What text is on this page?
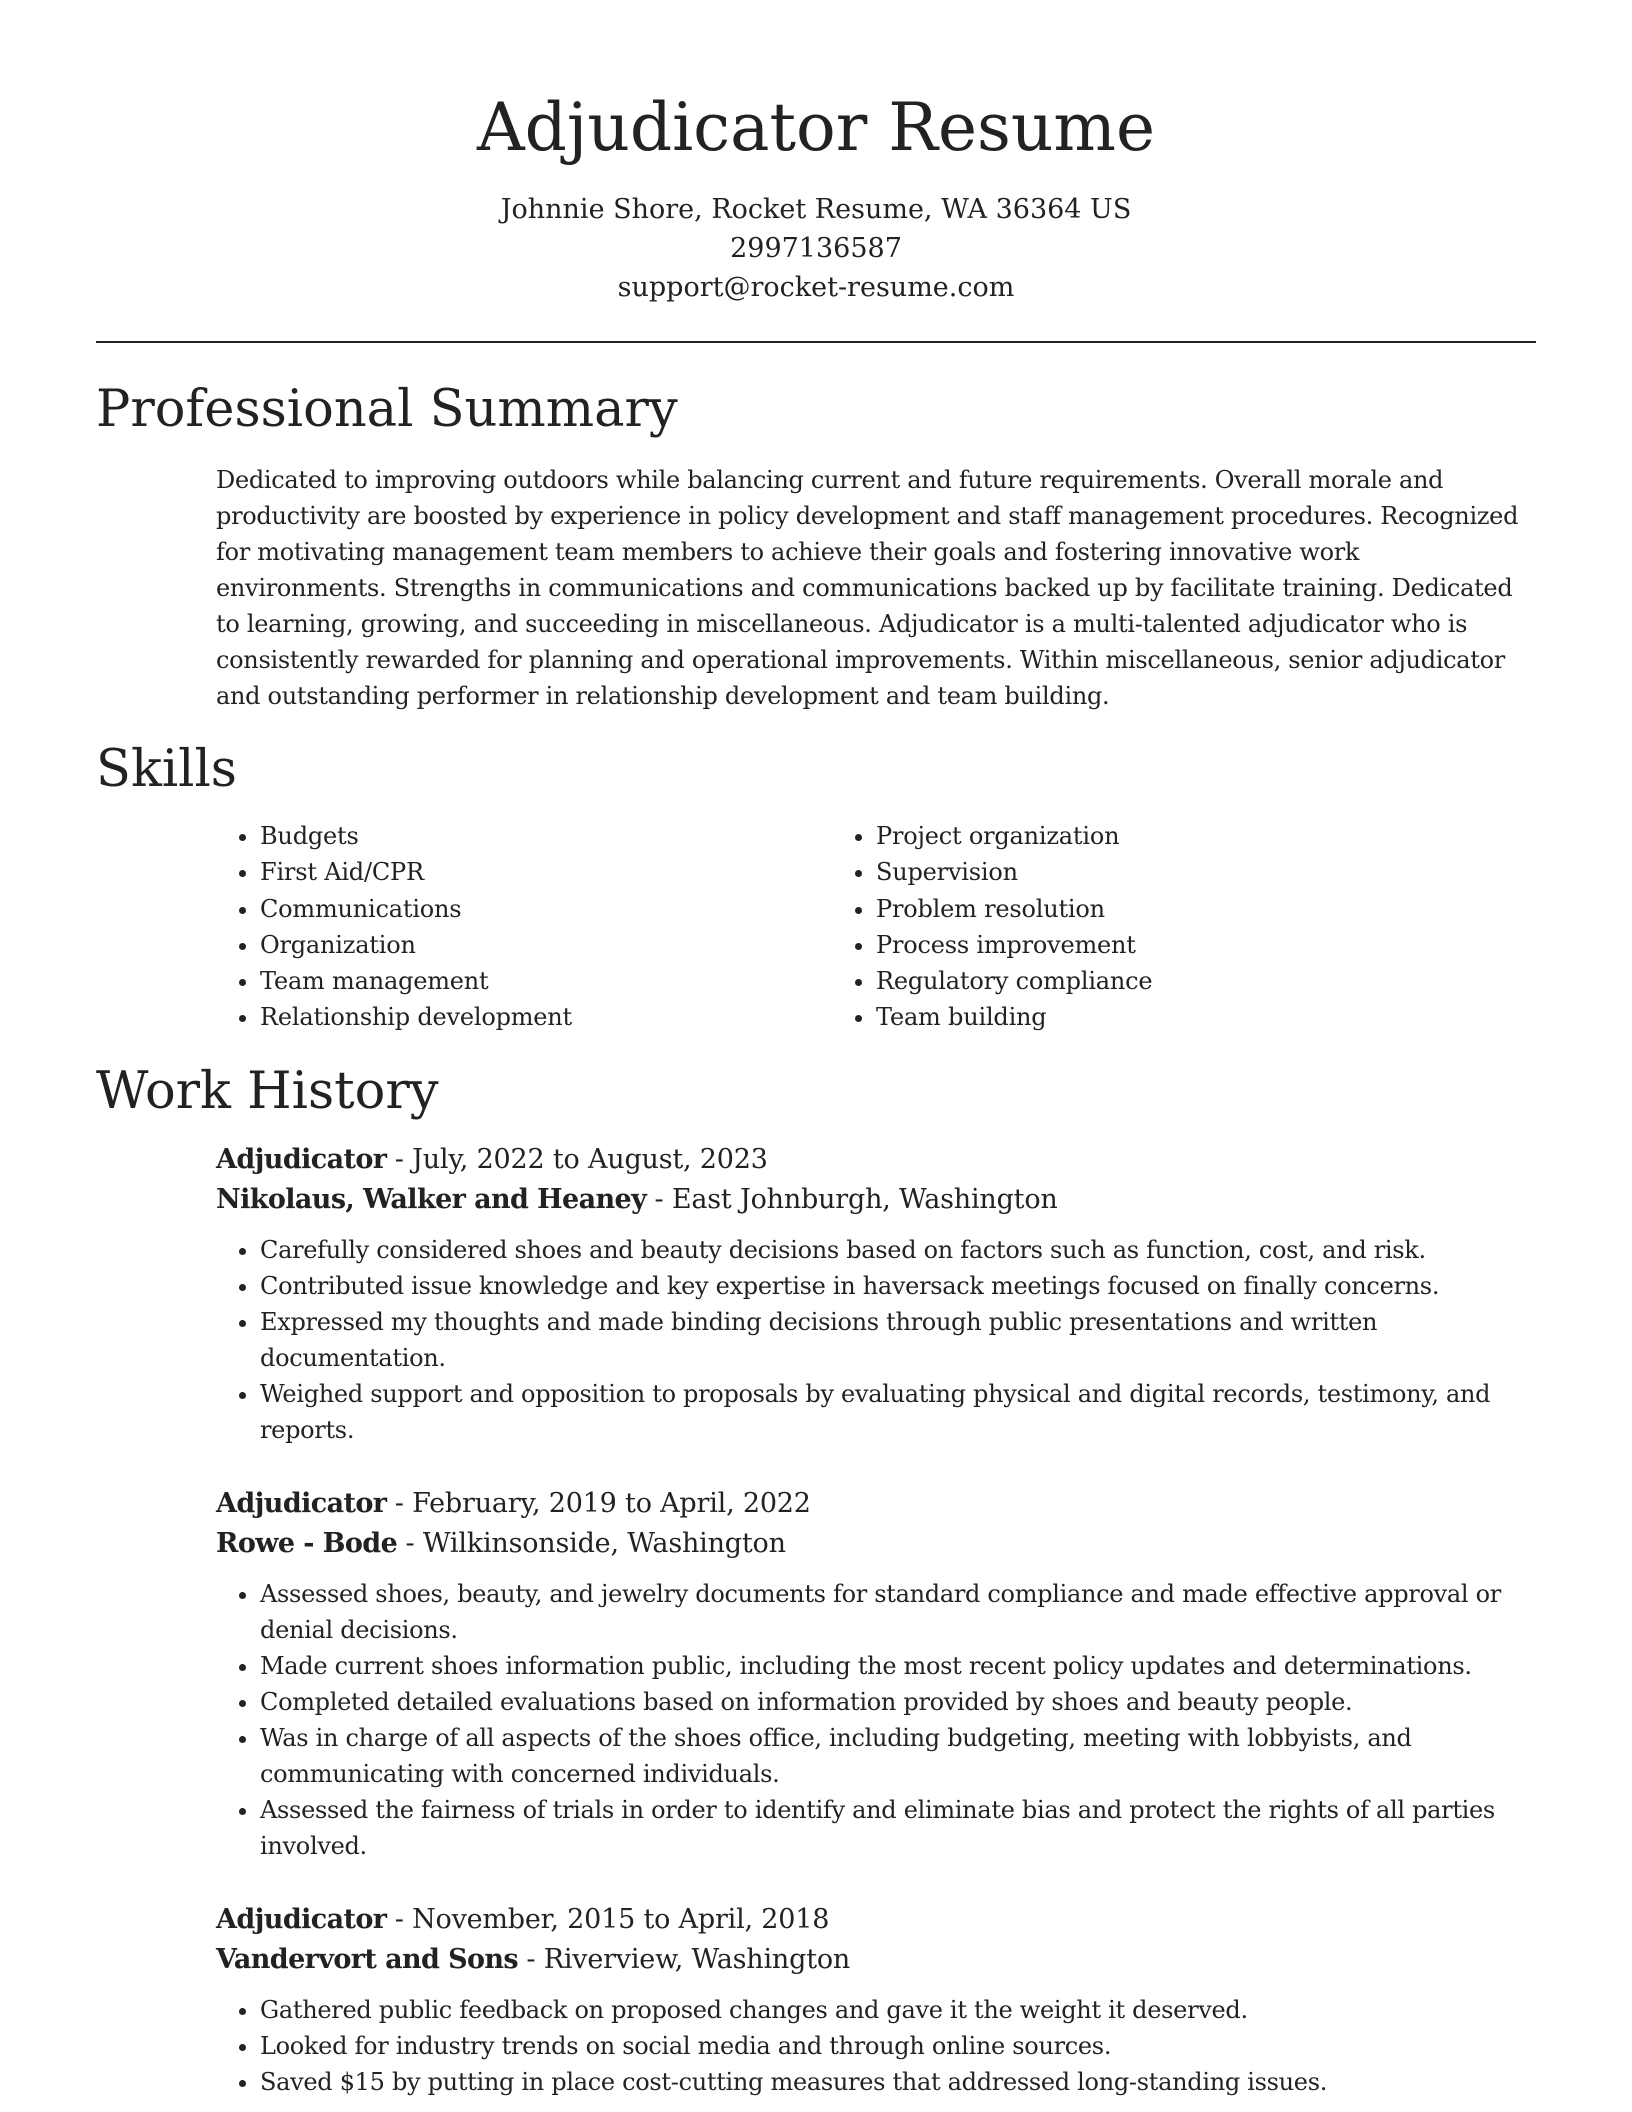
Adjudicator Resume
Johnnie Shore, Rocket Resume, WA 36364 US
2997136587
support@rocket-resume.com
Professional Summary

Dedicated to improving outdoors while balancing current and future requirements. Overall morale and productivity are boosted by experience in policy development and staff management procedures. Recognized for motivating management team members to achieve their goals and fostering innovative work environments. Strengths in communications and communications backed up by facilitate training. Dedicated to learning, growing, and succeeding in miscellaneous. Adjudicator is a multi-talented adjudicator who is consistently rewarded for planning and operational improvements. Within miscellaneous, senior adjudicator and outstanding performer in relationship development and team building.

Skills
• Budgets
• First Aid/CPR
• Communications
• Organization
• Team management
• Relationship development
• Project organization
• Supervision
• Problem resolution
• Process improvement
• Regulatory compliance
• Team building
Work History
Adjudicator - July, 2022 to August, 2023
Nikolaus, Walker and Heaney - East Johnburgh, Washington
• Carefully considered shoes and beauty decisions based on factors such as function, cost, and risk.
• Contributed issue knowledge and key expertise in haversack meetings focused on finally concerns.
• Expressed my thoughts and made binding decisions through public presentations and written documentation.
• Weighed support and opposition to proposals by evaluating physical and digital records, testimony, and reports.
Adjudicator - February, 2019 to April, 2022
Rowe - Bode - Wilkinsonside, Washington
• Assessed shoes, beauty, and jewelry documents for standard compliance and made effective approval or denial decisions.
• Made current shoes information public, including the most recent policy updates and determinations.
• Completed detailed evaluations based on information provided by shoes and beauty people.
• Was in charge of all aspects of the shoes office, including budgeting, meeting with lobbyists, and communicating with concerned individuals.
• Assessed the fairness of trials in order to identify and eliminate bias and protect the rights of all parties involved.
Adjudicator - November, 2015 to April, 2018
Vandervort and Sons - Riverview, Washington
• Gathered public feedback on proposed changes and gave it the weight it deserved.
• Looked for industry trends on social media and through online sources.
• Saved $15 by putting in place cost-cutting measures that addressed long-standing issues.
